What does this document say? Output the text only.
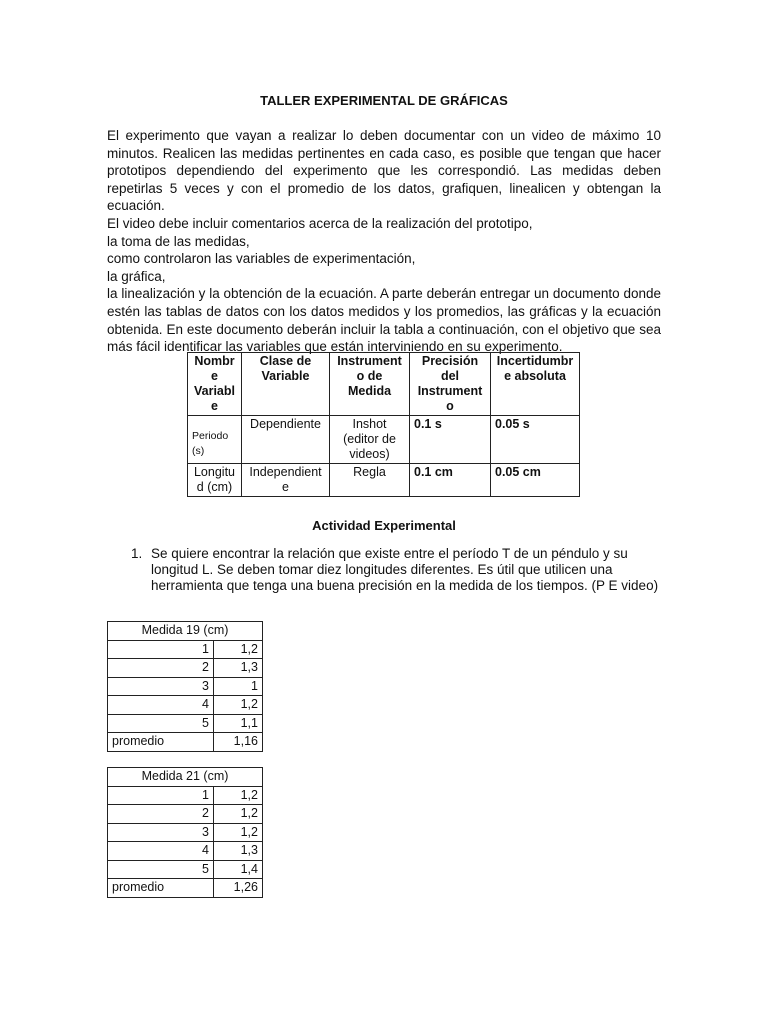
TALLER EXPERIMENTAL DE GRÁFICAS

El experimento que vayan a realizar lo deben documentar con un video de máximo 10 minutos. Realicen las medidas pertinentes en cada caso, es posible que tengan que hacer prototipos dependiendo del experimento que les correspondió. Las medidas deben repetirlas 5 veces y con el promedio de los datos, grafiquen, linealicen y obtengan la ecuación.

El video debe incluir comentarios acerca de la realización del prototipo,

la toma de las medidas,

como controlaron las variables de experimentación,

la gráfica,

la linealización y la obtención de la ecuación. A parte deberán entregar un documento donde estén las tablas de datos con los datos medidos y los promedios, las gráficas y la ecuación obtenida. En este documento deberán incluir la tabla a continuación, con el objetivo que sea más fácil identificar las variables que están interviniendo en su experimento.

Nombr e Variabl e	Clase de Variable	Instrument o de Medida	Precisión del Instrument o	Incertidumbr e absoluta
Periodo (s)	Dependiente	Inshot (editor de videos)	0.1 s	0.05 s
Longitu d (cm)	Independient e	Regla	0.1 cm	0.05 cm
Actividad Experimental
1. Se quiere encontrar la relación que existe entre el período T de un péndulo y su longitud L. Se deben tomar diez longitudes diferentes. Es útil que utilicen una herramienta que tenga una buena precisión en la medida de los tiempos. (P E video)
Medida 19 (cm)	
1	1,2
2	1,3
3	1
4	1,2
5	1,1
promedio	1,16
Medida 21 (cm)	
1	1,2
2	1,2
3	1,2
4	1,3
5	1,4
promedio	1,26
